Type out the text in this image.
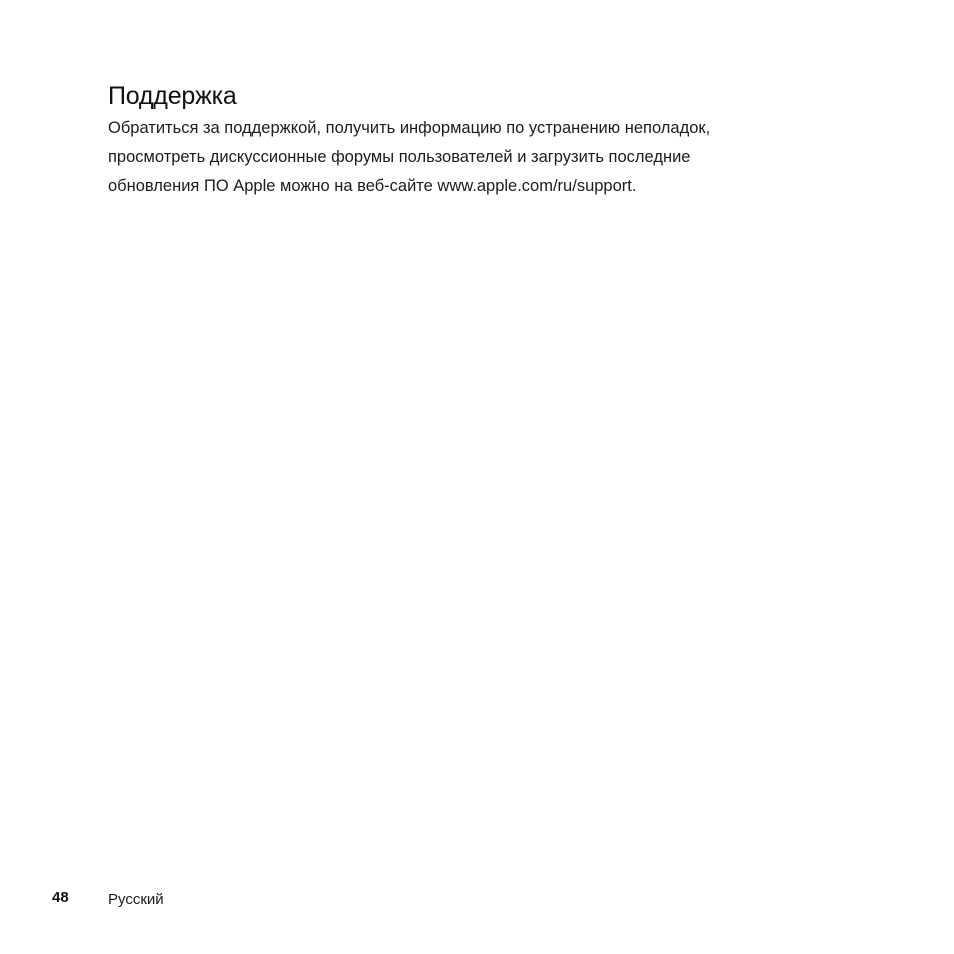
Поддержка

Обратиться за поддержкой, получить информацию по устранению неполадок,
просмотреть дискуссионные форумы пользователей и загрузить последние
обновления ПО Apple можно на веб-сайте www.apple.com/ru/support.

48	Русский
